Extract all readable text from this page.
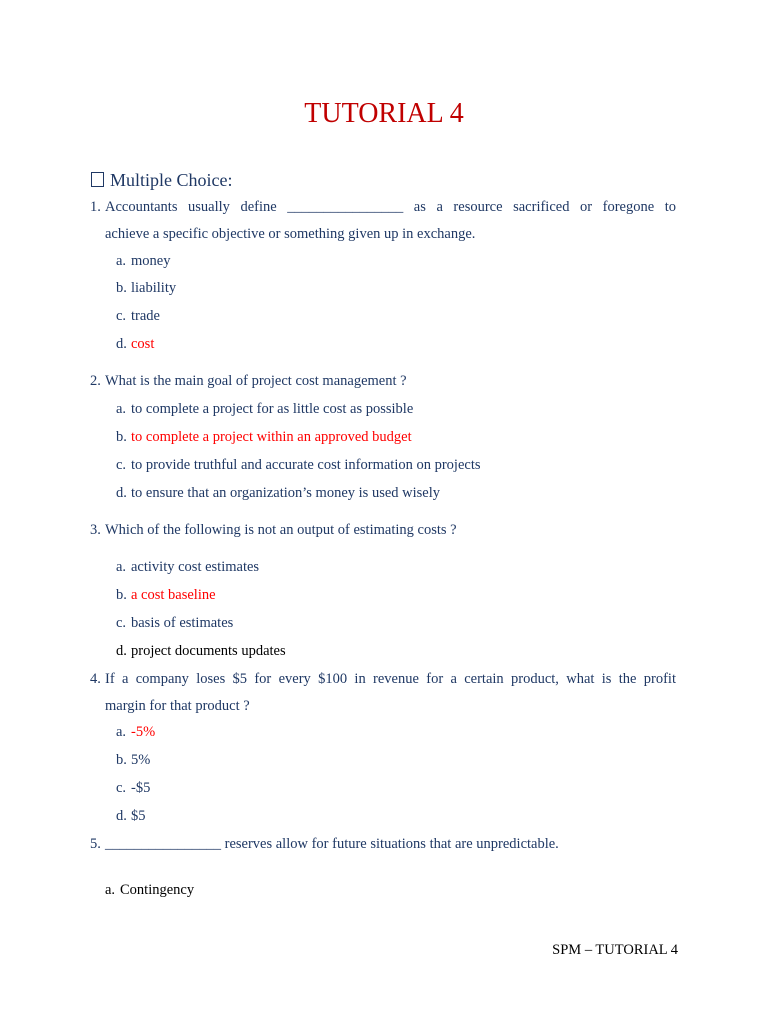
TUTORIAL 4
Multiple Choice:
1. Accountants usually define ________________ as a resource sacrificed or foregone to
achieve a specific objective or something given up in exchange.
a. money
b. liability
c. trade
d. cost
2. What is the main goal of project cost management ?
a. to complete a project for as little cost as possible
b. to complete a project within an approved budget
c. to provide truthful and accurate cost information on projects
d. to ensure that an organization’s money is used wisely
3. Which of the following is not an output of estimating costs ?
a. activity cost estimates
b. a cost baseline
c. basis of estimates
d. project documents updates
4. If a company loses $5 for every $100 in revenue for a certain product, what is the profit
margin for that product ?
a. -5%
b. 5%
c. -$5
d. $5
5. ________________ reserves allow for future situations that are unpredictable.
a. Contingency
SPM – TUTORIAL 4
